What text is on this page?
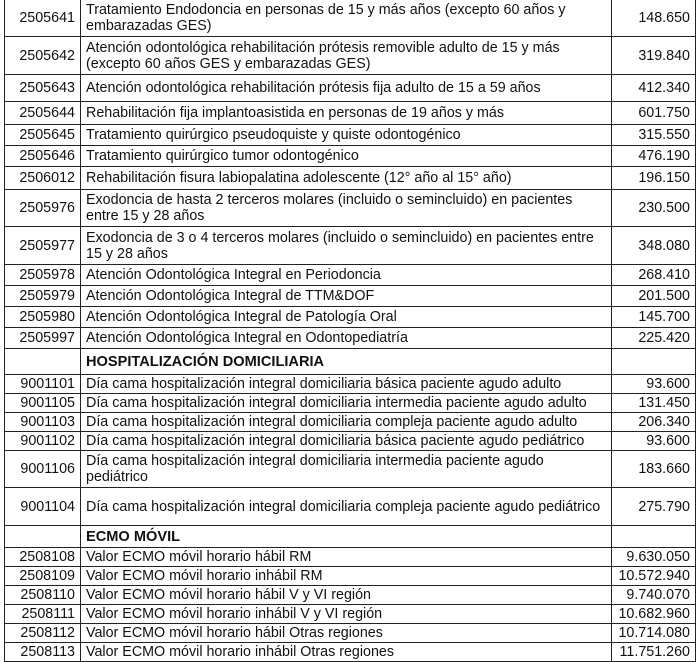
2505641	Tratamiento Endodoncia en personas de 15 y más años (excepto 60 años y embarazadas GES)	148.650
2505642	Atención odontológica rehabilitación prótesis removible adulto de 15 y más (excepto 60 años GES y embarazadas GES)	319.840
2505643	Atención odontológica rehabilitación prótesis fija adulto de 15 a 59 años	412.340
2505644	Rehabilitación fija implantoasistida en personas de 19 años y más	601.750
2505645	Tratamiento quirúrgico pseudoquiste y quiste odontogénico	315.550
2505646	Tratamiento quirúrgico tumor odontogénico	476.190
2506012	Rehabilitación fisura labiopalatina adolescente (12° año al 15° año)	196.150
2505976	Exodoncia de hasta 2 terceros molares (incluido o semincluido) en pacientes entre 15 y 28 años	230.500
2505977	Exodoncia de 3 o 4 terceros molares (incluido o semincluido) en pacientes entre 15 y 28 años	348.080
2505978	Atención Odontológica Integral en Periodoncia	268.410
2505979	Atención Odontológica Integral de TTM&DOF	201.500
2505980	Atención Odontológica Integral de Patología Oral	145.700
2505997	Atención Odontológica Integral en Odontopediatría	225.420
	HOSPITALIZACIÓN DOMICILIARIA	
9001101	Día cama hospitalización integral domiciliaria básica paciente agudo adulto	93.600
9001105	Día cama hospitalización integral domiciliaria intermedia paciente agudo adulto	131.450
9001103	Día cama hospitalización integral domiciliaria compleja paciente agudo adulto	206.340
9001102	Día cama hospitalización integral domiciliaria básica paciente agudo pediátrico	93.600
9001106	Día cama hospitalización integral domiciliaria intermedia paciente agudo pediátrico	183.660
9001104	Día cama hospitalización integral domiciliaria compleja paciente agudo pediátrico	275.790
	ECMO MÓVIL	
2508108	Valor ECMO móvil horario hábil RM	9.630.050
2508109	Valor ECMO móvil horario inhábil RM	10.572.940
2508110	Valor ECMO móvil horario hábil V y VI región	9.740.070
2508111	Valor ECMO móvil horario inhábil V y VI región	10.682.960
2508112	Valor ECMO móvil horario hábil Otras regiones	10.714.080
2508113	Valor ECMO móvil horario inhábil Otras regiones	11.751.260
